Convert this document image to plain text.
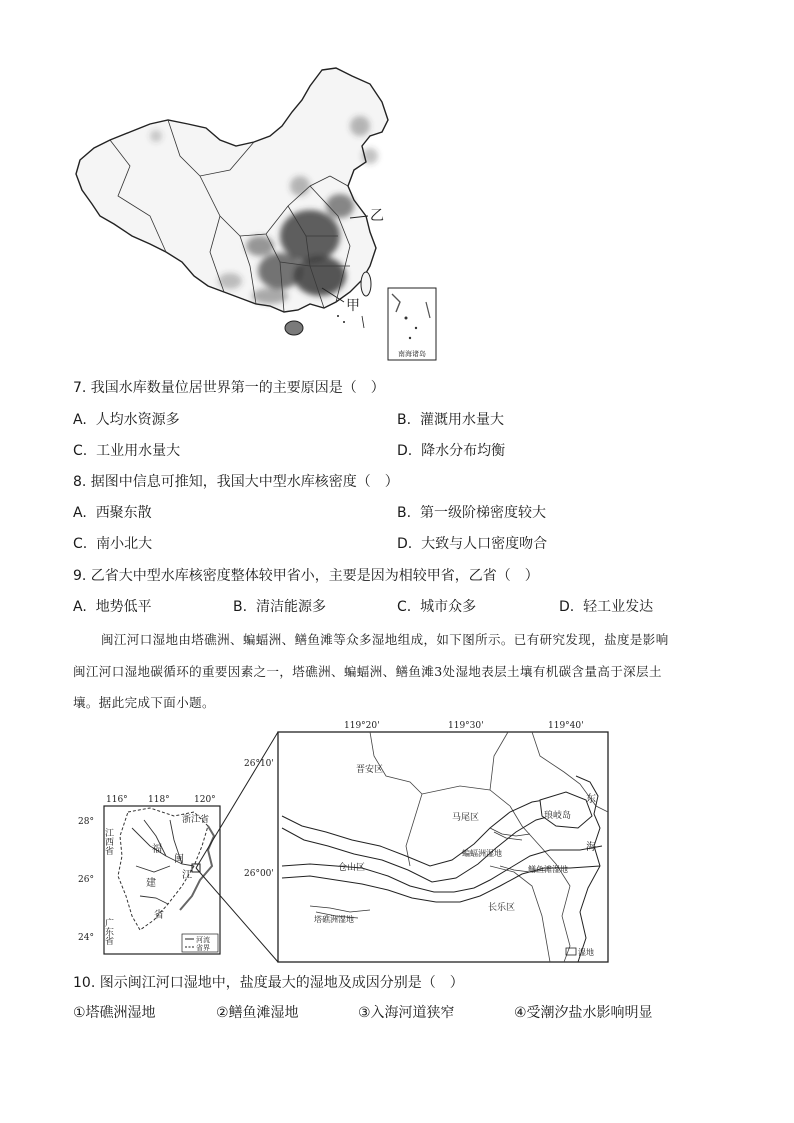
乙
甲
南海诸岛
7. 我国水库数量位居世界第一的主要原因是（　）
A. 人均水资源多	B. 灌溉用水量大
C. 工业用水量大	D. 降水分布均衡
8. 据图中信息可推知，我国大中型水库核密度（　）
A. 西聚东散	B. 第一级阶梯密度较大
C. 南小北大	D. 大致与人口密度吻合
9. 乙省大中型水库核密度整体较甲省小，主要是因为相较甲省，乙省（　）
A. 地势低平	B. 清洁能源多	C. 城市众多	D. 轻工业发达
闽江河口湿地由塔礁洲、蝙蝠洲、鳝鱼滩等众多湿地组成，如下图所示。已有研究发现，盐度是影响
闽江河口湿地碳循环的重要因素之一，塔礁洲、蝙蝠洲、鳝鱼滩3处湿地表层土壤有机碳含量高于深层土
壤。据此完成下面小题。
116° 118°	120°
28°
26°
24°
江西省
浙江省
福
建
省
闽
江
广东省	河流
省界
119°20'	119°30'	119°40'
26°10'
26°00'
晋安区
马尾区	琅岐岛
蝙蝠洲湿地
鳝鱼滩湿地
仓山区
长乐区
塔礁洲湿地
东
海
湿地
10. 图示闽江河口湿地中，盐度最大的湿地及成因分别是（　）
①塔礁洲湿地	②鳝鱼滩湿地	③入海河道狭窄	④受潮汐盐水影响明显
